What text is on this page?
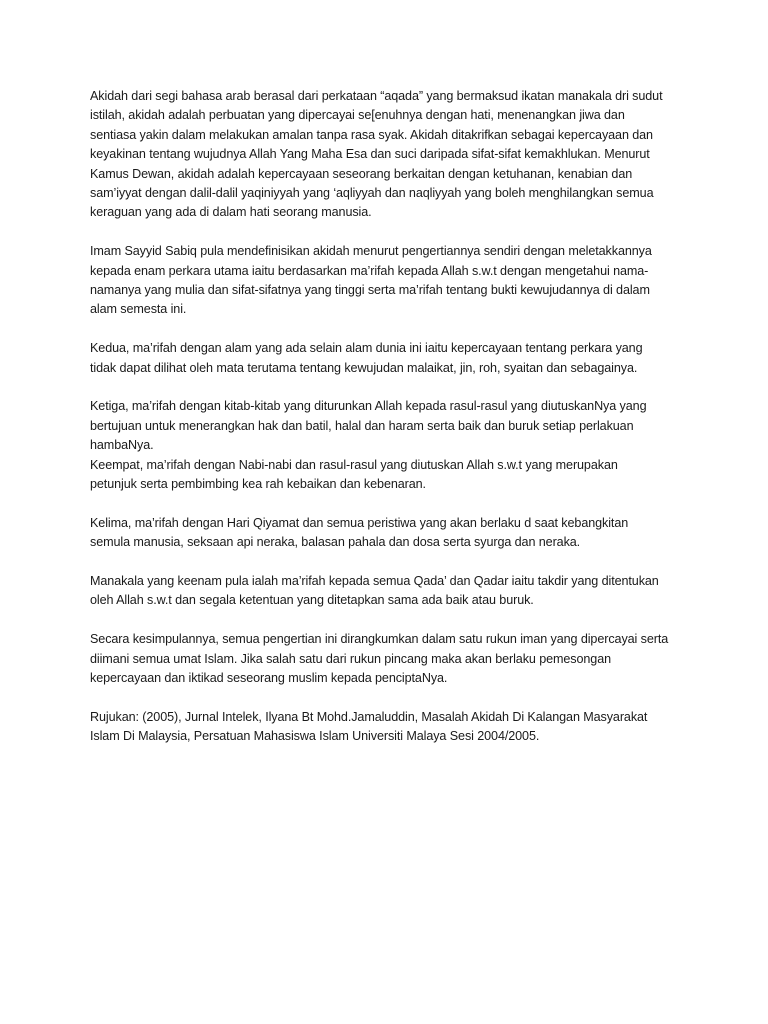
Akidah dari segi bahasa arab berasal dari perkataan “aqada” yang bermaksud ikatan manakala dri sudut
istilah, akidah adalah perbuatan yang dipercayai se[enuhnya dengan hati, menenangkan jiwa dan
sentiasa yakin dalam melakukan amalan tanpa rasa syak. Akidah ditakrifkan sebagai kepercayaan dan
keyakinan tentang wujudnya Allah Yang Maha Esa dan suci daripada sifat-sifat kemakhlukan. Menurut
Kamus Dewan, akidah adalah kepercayaan seseorang berkaitan dengan ketuhanan, kenabian dan
sam’iyyat dengan dalil-dalil yaqiniyyah yang ‘aqliyyah dan naqliyyah yang boleh menghilangkan semua
keraguan yang ada di dalam hati seorang manusia.

Imam Sayyid Sabiq pula mendefinisikan akidah menurut pengertiannya sendiri dengan meletakkannya
kepada enam perkara utama iaitu berdasarkan ma’rifah kepada Allah s.w.t dengan mengetahui nama-
namanya yang mulia dan sifat-sifatnya yang tinggi serta ma’rifah tentang bukti kewujudannya di dalam
alam semesta ini.

Kedua, ma’rifah dengan alam yang ada selain alam dunia ini iaitu kepercayaan tentang perkara yang
tidak dapat dilihat oleh mata terutama tentang kewujudan malaikat, jin, roh, syaitan dan sebagainya.

Ketiga, ma’rifah dengan kitab-kitab yang diturunkan Allah kepada rasul-rasul yang diutuskanNya yang
bertujuan untuk menerangkan hak dan batil, halal dan haram serta baik dan buruk setiap perlakuan
hambaNya.

Keempat, ma’rifah dengan Nabi-nabi dan rasul-rasul yang diutuskan Allah s.w.t yang merupakan
petunjuk serta pembimbing kea rah kebaikan dan kebenaran.

Kelima, ma’rifah dengan Hari Qiyamat dan semua peristiwa yang akan berlaku d saat kebangkitan
semula manusia, seksaan api neraka, balasan pahala dan dosa serta syurga dan neraka.

Manakala yang keenam pula ialah ma’rifah kepada semua Qada’ dan Qadar iaitu takdir yang ditentukan
oleh Allah s.w.t dan segala ketentuan yang ditetapkan sama ada baik atau buruk.

Secara kesimpulannya, semua pengertian ini dirangkumkan dalam satu rukun iman yang dipercayai serta
diimani semua umat Islam. Jika salah satu dari rukun pincang maka akan berlaku pemesongan
kepercayaan dan iktikad seseorang muslim kepada penciptaNya.

Rujukan: (2005), Jurnal Intelek, Ilyana Bt Mohd.Jamaluddin, Masalah Akidah Di Kalangan Masyarakat
Islam Di Malaysia, Persatuan Mahasiswa Islam Universiti Malaya Sesi 2004/2005.
